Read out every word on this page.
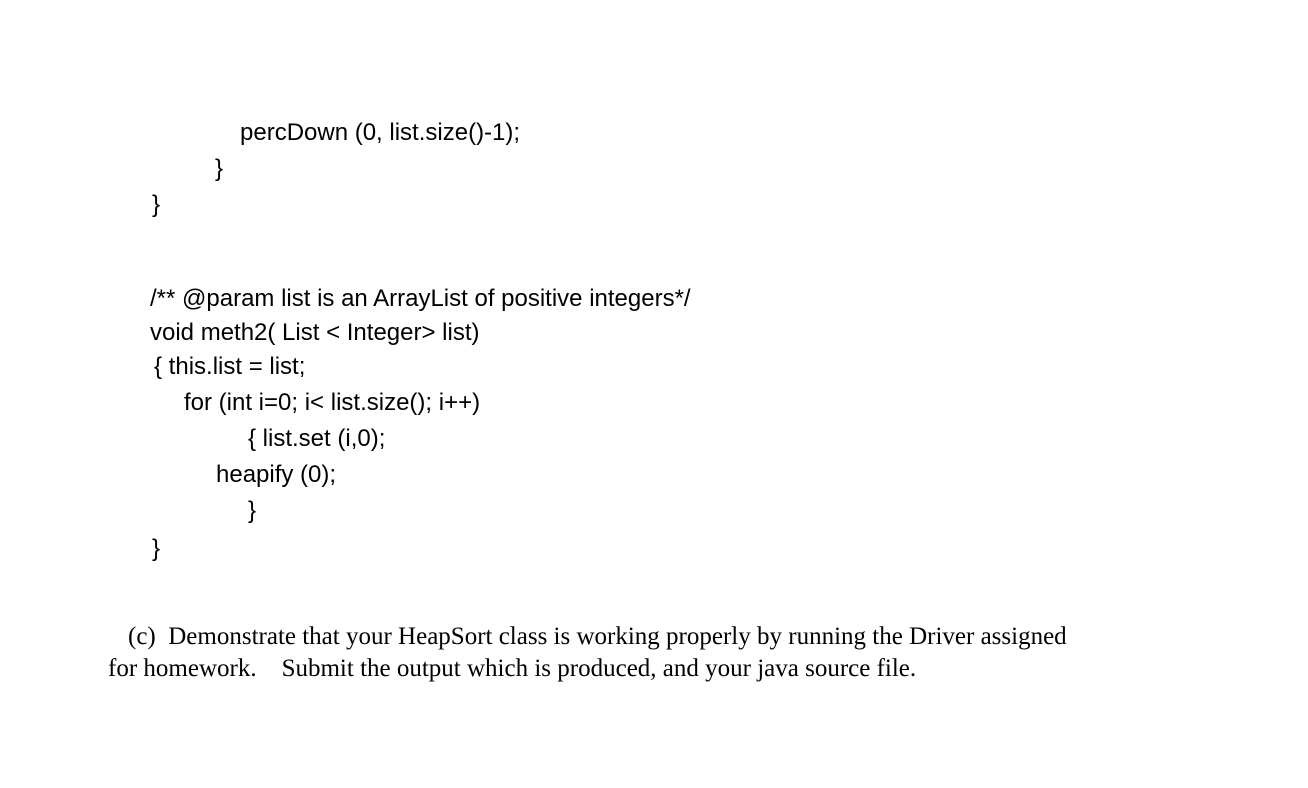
percDown (0, list.size()-1);
}
}
/** @param list is an ArrayList of positive integers*/
void meth2( List < Integer> list)
{ this.list = list;
for (int i=0; i< list.size(); i++)
{ list.set (i,0);
heapify (0);
}
}
(c)  Demonstrate that your HeapSort class is working properly by running the Driver assigned
for homework.    Submit the output which is produced, and your java source file.
